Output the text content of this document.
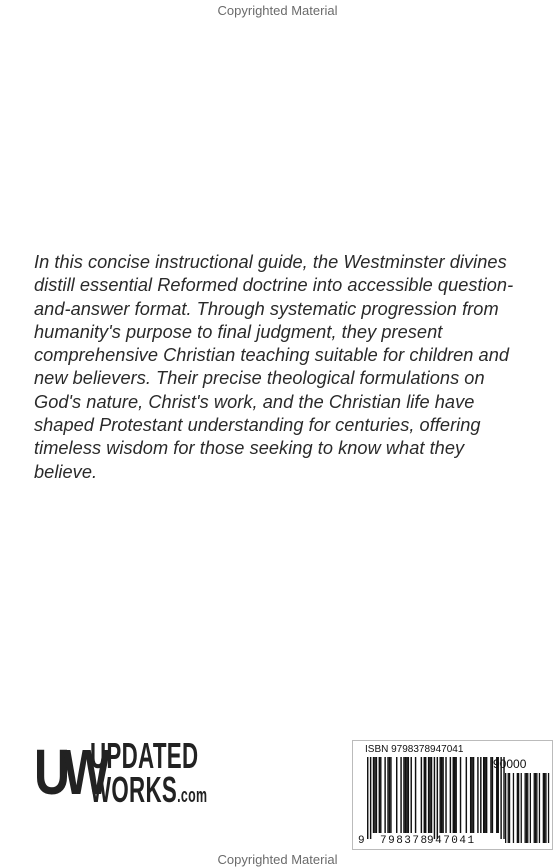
Copyrighted Material
In this concise instructional guide, the Westminster divines distill essential Reformed doctrine into accessible question-and-answer format. Through systematic progression from humanity's purpose to final judgment, they present comprehensive Christian teaching suitable for children and new believers. Their precise theological formulations on God's nature, Christ's work, and the Christian life have shaped Protestant understanding for centuries, offering timeless wisdom for those seeking to know what they believe.
UW
UPDATED
WORKS.com
ISBN 9798378947041
90000
9 798378
947041
Copyrighted Material
